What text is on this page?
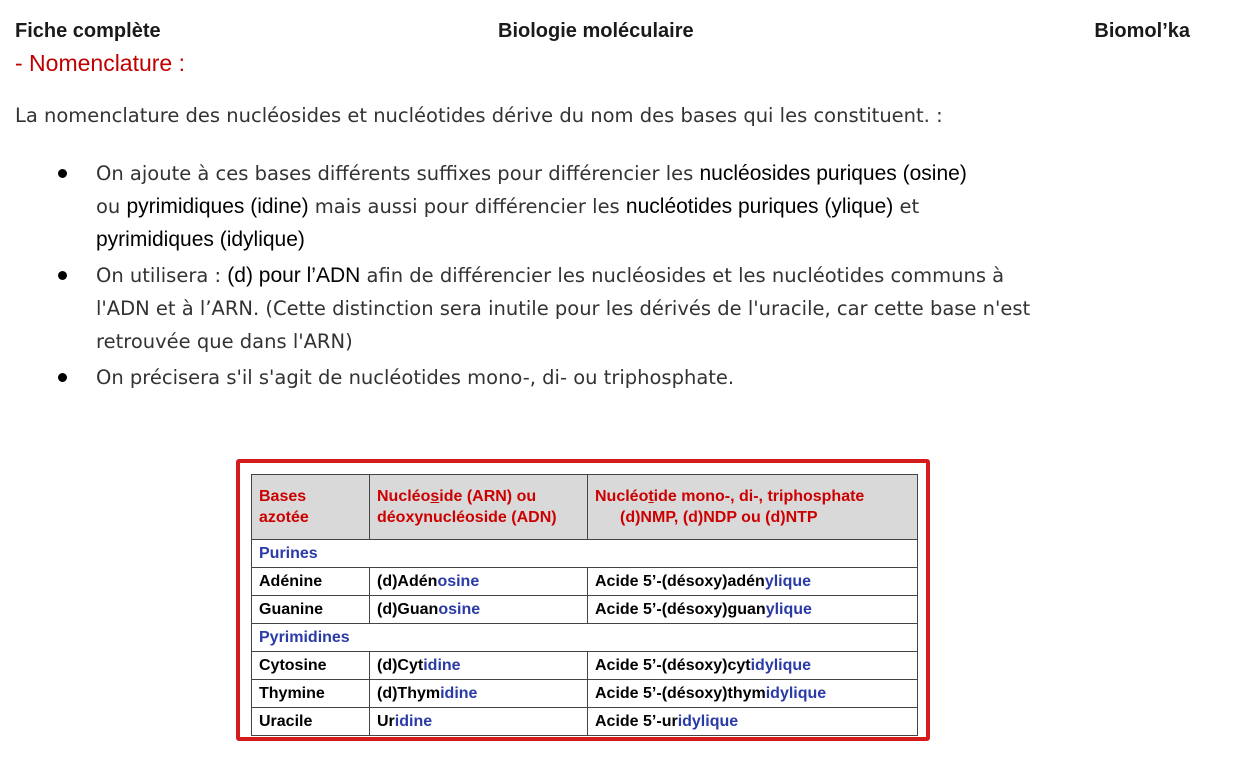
Fiche complète	Biologie moléculaire	Biomol’ka
- Nomenclature :
La nomenclature des nucléosides et nucléotides dérive du nom des bases qui les constituent. :
On ajoute à ces bases différents suffixes pour différencier les nucléosides puriques (osine)
ou pyrimidiques (idine) mais aussi pour différencier les nucléotides puriques (ylique) et
pyrimidiques (idylique)
On utilisera : (d) pour l’ADN afin de différencier les nucléosides et les nucléotides communs à
l'ADN et à l’ARN. (Cette distinction sera inutile pour les dérivés de l'uracile, car cette base n'est
retrouvée que dans l'ARN)
On précisera s'il s'agit de nucléotides mono-, di- ou triphosphate.
Bases
azotée	Nucléoside (ARN) ou
déoxynucléoside (ADN)	Nucléotide mono-, di-, triphosphate
(d)NMP, (d)NDP ou (d)NTP
Purines		
Adénine	(d)Adénosine	Acide 5’-(désoxy)adénylique
Guanine	(d)Guanosine	Acide 5’-(désoxy)guanylique
Pyrimidines		
Cytosine	(d)Cytidine	Acide 5’-(désoxy)cytidylique
Thymine	(d)Thymidine	Acide 5’-(désoxy)thymidylique
Uracile	Uridine	Acide 5’-uridylique
